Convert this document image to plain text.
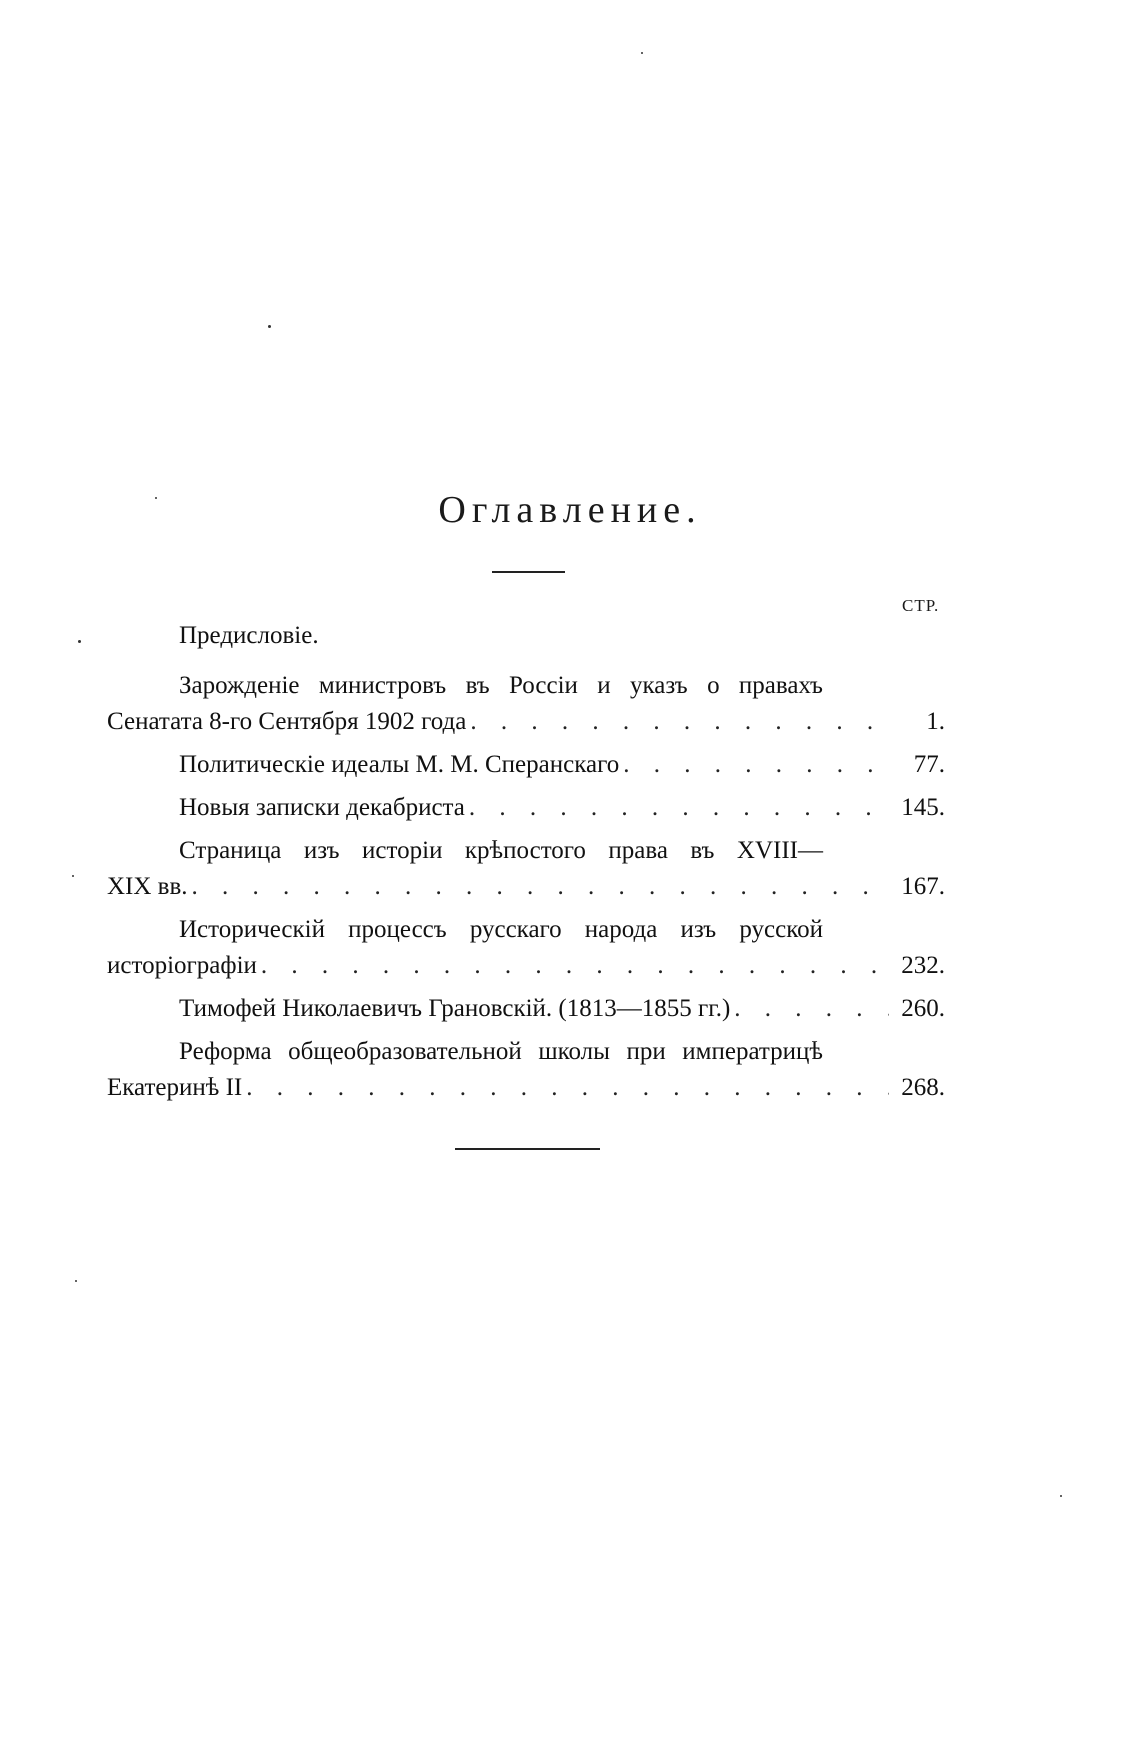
Оглавление.
СТР.
Предисловіе.
Зарожденіе министровъ въ Россіи и указъ о правахъ
Сенатата 8-го Сентября 1902 года . . .	1.
Политическіе идеалы М. М. Сперанскаго . . .	77.
Новыя записки декабриста . . .	145.
Страница изъ исторіи крѣпостого права въ XVIII—
XIX вв. . . .	167.
Историческій процессъ русскаго народа изъ русской
исторіографіи . . .	232.
Тимофей Николаевичъ Грановскій. (1813—1855 гг.) . . .	260.
Реформа общеобразовательной школы при императрицѣ
Екатеринѣ II . . .	268.
